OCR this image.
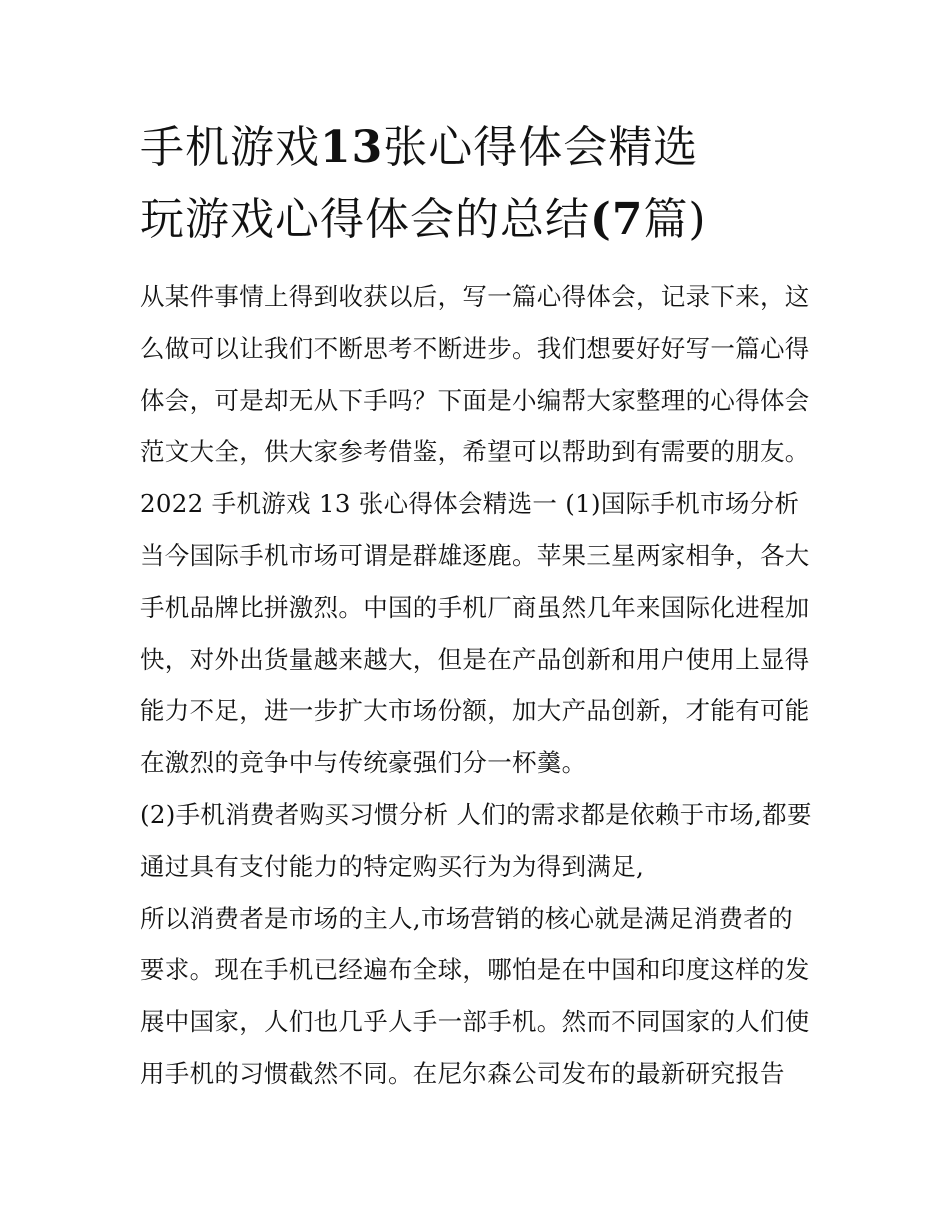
手机游戏13张心得体会精选
玩游戏心得体会的总结(7篇)

从某件事情上得到收获以后，写一篇心得体会，记录下来，这

么做可以让我们不断思考不断进步。我们想要好好写一篇心得

体会，可是却无从下手吗？下面是小编帮大家整理的心得体会

范文大全，供大家参考借鉴，希望可以帮助到有需要的朋友。

2022 手机游戏 13 张心得体会精选一 (1)国际手机市场分析

当今国际手机市场可谓是群雄逐鹿。苹果三星两家相争，各大

手机品牌比拼激烈。中国的手机厂商虽然几年来国际化进程加

快，对外出货量越来越大，但是在产品创新和用户使用上显得

能力不足，进一步扩大市场份额，加大产品创新，才能有可能

在激烈的竞争中与传统豪强们分一杯羹。

(2)手机消费者购买习惯分析 人们的需求都是依赖于市场,都要

通过具有支付能力的特定购买行为为得到满足,

所以消费者是市场的主人,市场营销的核心就是满足消费者的

要求。现在手机已经遍布全球，哪怕是在中国和印度这样的发

展中国家，人们也几乎人手一部手机。然而不同国家的人们使

用手机的习惯截然不同。在尼尔森公司发布的最新研究报告
